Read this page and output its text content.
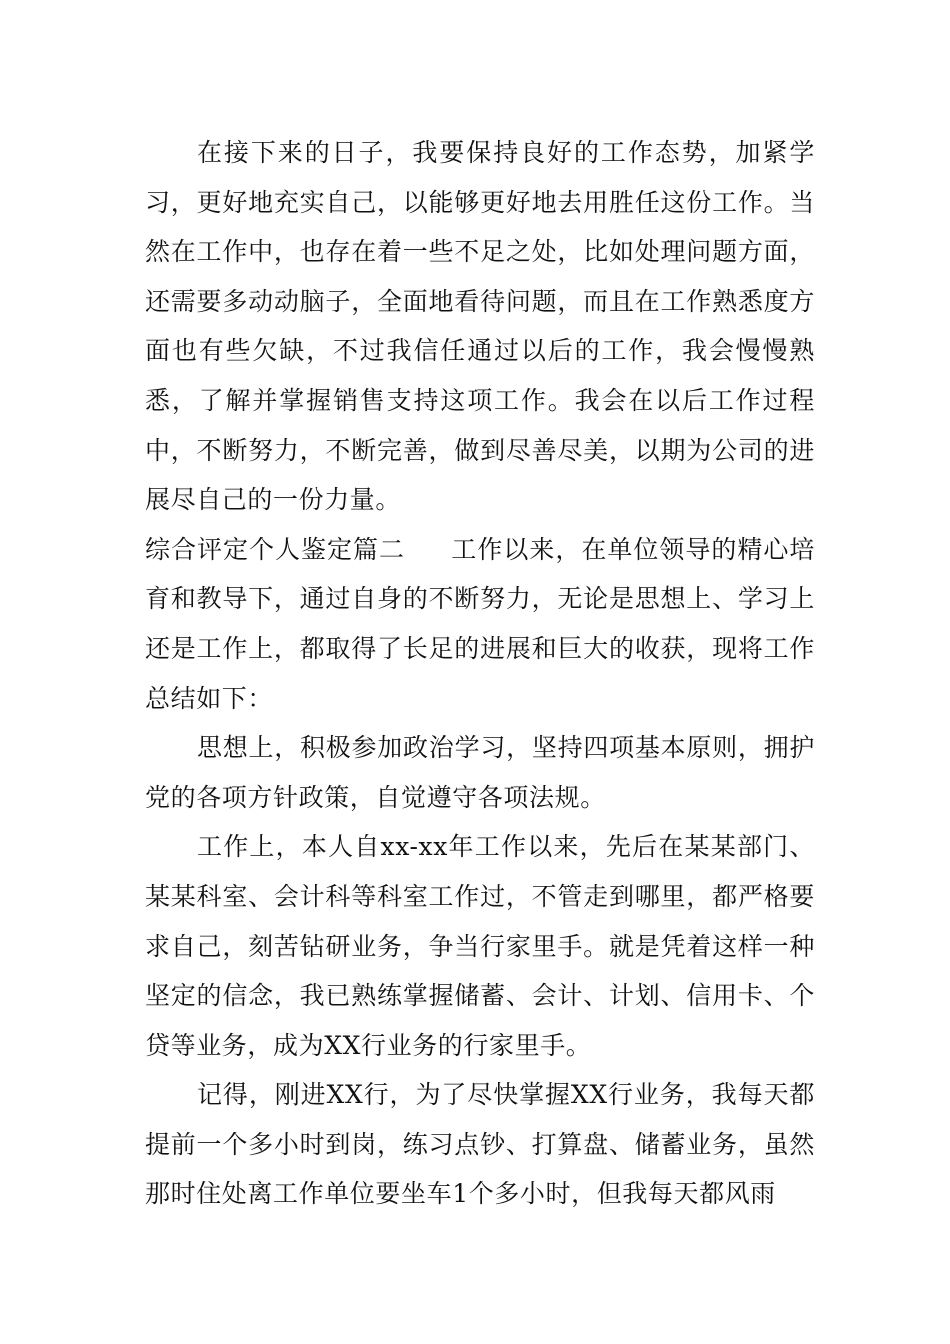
在接下来的日子，我要保持良好的工作态势，加紧学习，更好地充实自己，以能够更好地去用胜任这份工作。当然在工作中，也存在着一些不足之处，比如处理问题方面，还需要多动动脑子，全面地看待问题，而且在工作熟悉度方面也有些欠缺，不过我信任通过以后的工作，我会慢慢熟悉，了解并掌握销售支持这项工作。我会在以后工作过程中，不断努力，不断完善，做到尽善尽美，以期为公司的进展尽自己的一份力量。

综合评定个人鉴定篇二 工作以来，在单位领导的精心培育和教导下，通过自身的不断努力，无论是思想上、学习上还是工作上，都取得了长足的进展和巨大的收获，现将工作总结如下：

思想上，积极参加政治学习，坚持四项基本原则，拥护党的各项方针政策，自觉遵守各项法规。

工作上，本人自xx-xx年工作以来，先后在某某部门、某某科室、会计科等科室工作过，不管走到哪里，都严格要求自己，刻苦钻研业务，争当行家里手。就是凭着这样一种坚定的信念，我已熟练掌握储蓄、会计、计划、信用卡、个贷等业务，成为XX行业务的行家里手。

记得，刚进XX行，为了尽快掌握XX行业务，我每天都提前一个多小时到岗，练习点钞、打算盘、储蓄业务，虽然那时住处离工作单位要坐车1个多小时，但我每天都风雨
